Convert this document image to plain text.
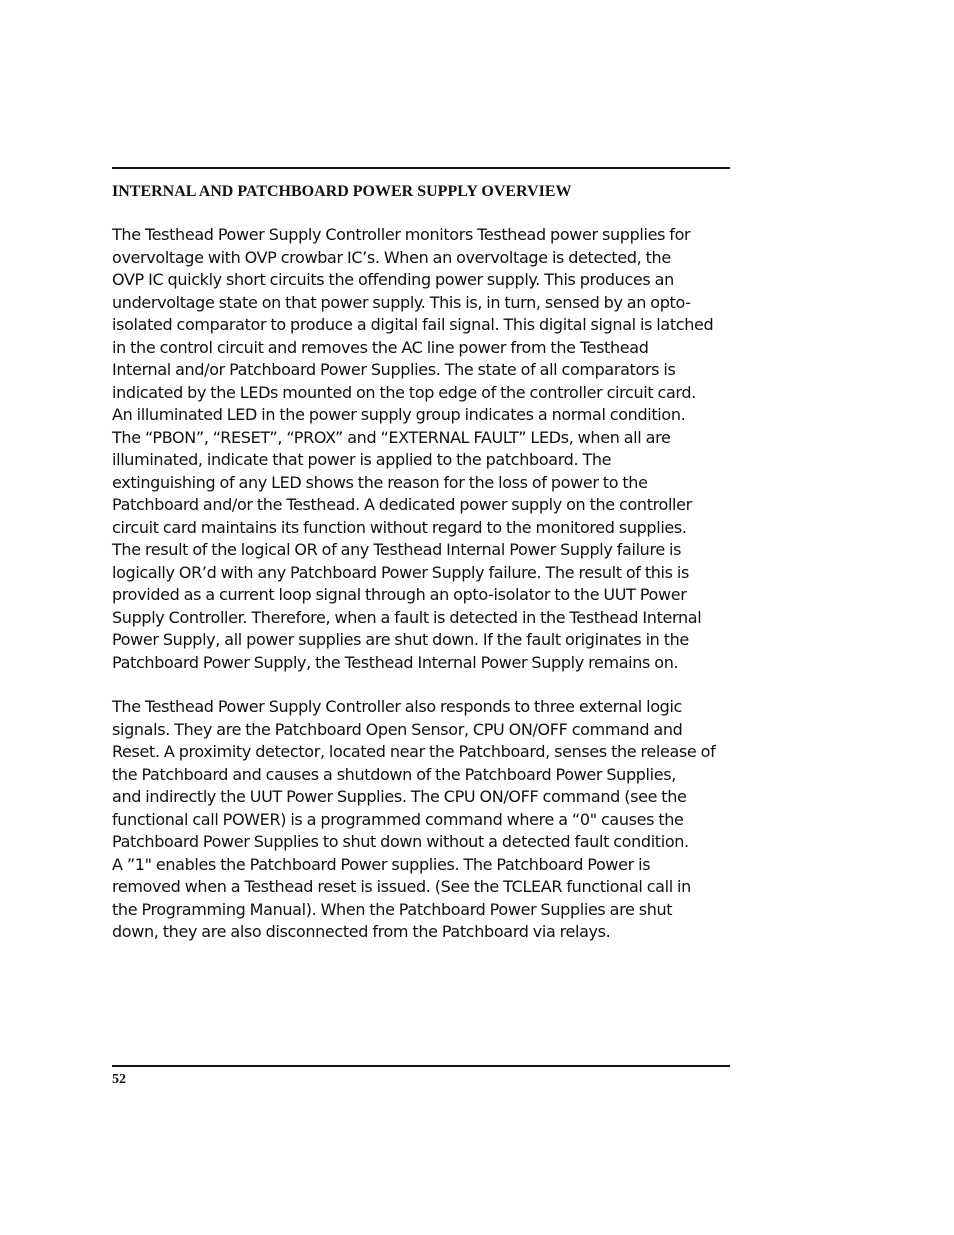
INTERNAL AND PATCHBOARD POWER SUPPLY OVERVIEW
The Testhead Power Supply Controller monitors Testhead power supplies for
overvoltage with OVP crowbar IC’s. When an overvoltage is detected, the
OVP IC quickly short circuits the offending power supply. This produces an
undervoltage state on that power supply. This is, in turn, sensed by an opto-
isolated comparator to produce a digital fail signal. This digital signal is latched
in the control circuit and removes the AC line power from the Testhead
Internal and/or Patchboard Power Supplies. The state of all comparators is
indicated by the LEDs mounted on the top edge of the controller circuit card.
An illuminated LED in the power supply group indicates a normal condition.
The “PBON”, “RESET”, “PROX” and “EXTERNAL FAULT” LEDs, when all are
illuminated, indicate that power is applied to the patchboard. The
extinguishing of any LED shows the reason for the loss of power to the
Patchboard and/or the Testhead. A dedicated power supply on the controller
circuit card maintains its function without regard to the monitored supplies.
The result of the logical OR of any Testhead Internal Power Supply failure is
logically OR’d with any Patchboard Power Supply failure. The result of this is
provided as a current loop signal through an opto-isolator to the UUT Power
Supply Controller. Therefore, when a fault is detected in the Testhead Internal
Power Supply, all power supplies are shut down. If the fault originates in the
Patchboard Power Supply, the Testhead Internal Power Supply remains on.
The Testhead Power Supply Controller also responds to three external logic
signals. They are the Patchboard Open Sensor, CPU ON/OFF command and
Reset. A proximity detector, located near the Patchboard, senses the release of
the Patchboard and causes a shutdown of the Patchboard Power Supplies,
and indirectly the UUT Power Supplies. The CPU ON/OFF command (see the
functional call POWER) is a programmed command where a “0" causes the
Patchboard Power Supplies to shut down without a detected fault condition.
A ”1" enables the Patchboard Power supplies. The Patchboard Power is
removed when a Testhead reset is issued. (See the TCLEAR functional call in
the Programming Manual). When the Patchboard Power Supplies are shut
down, they are also disconnected from the Patchboard via relays.
52
